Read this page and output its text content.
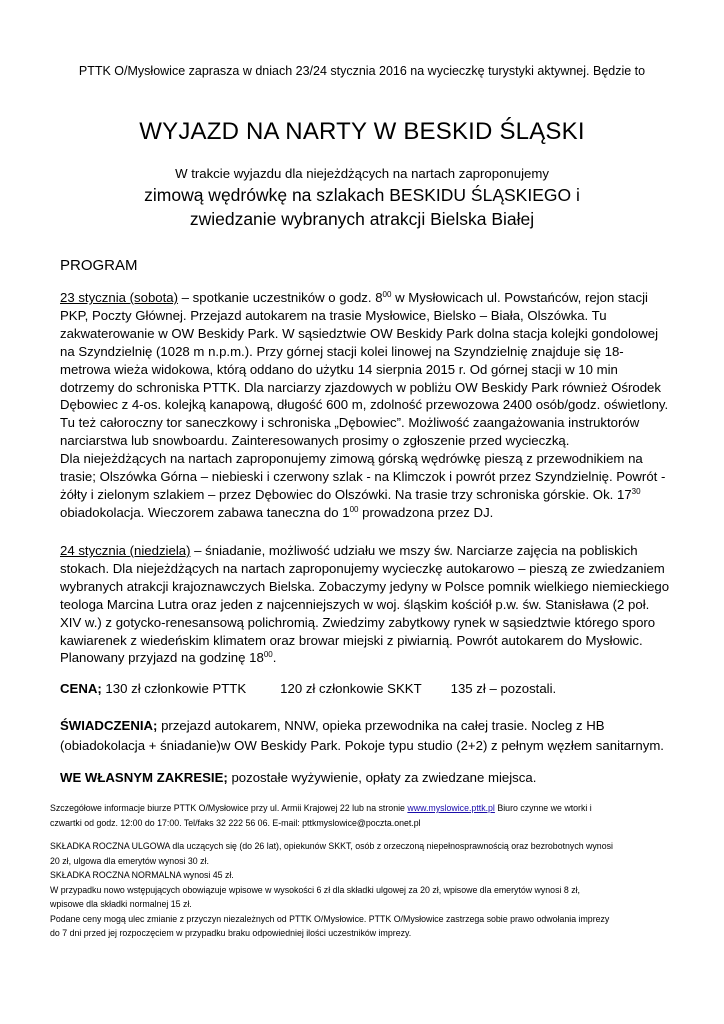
PTTK O/Mysłowice zaprasza w dniach 23/24 stycznia 2016 na wycieczkę turystyki aktywnej. Będzie to
WYJAZD NA NARTY W BESKID ŚLĄSKI
W trakcie wyjazdu dla niejeżdżących na nartach zaproponujemy
zimową wędrówkę na szlakach BESKIDU ŚLĄSKIEGO i
zwiedzanie wybranych atrakcji Bielska Białej
PROGRAM
23 stycznia (sobota) – spotkanie uczestników o godz. $8^{00}$ w Mysłowicach ul. Powstańców, rejon stacji
PKP, Poczty Głównej. Przejazd autokarem na trasie Mysłowice, Bielsko – Biała, Olszówka. Tu
zakwaterowanie w OW Beskidy Park. W sąsiedztwie OW Beskidy Park dolna stacja kolejki gondolowej
na Szyndzielnię (1028 m n.p.m.). Przy górnej stacji kolei linowej na Szyndzielnię znajduje się 18-
metrowa wieża widokowa, którą oddano do użytku 14 sierpnia 2015 r. Od górnej stacji w 10 min
dotrzemy do schroniska PTTK. Dla narciarzy zjazdowych w pobliżu OW Beskidy Park również Ośrodek
Dębowiec z 4-os. kolejką kanapową, długość 600 m, zdolność przewozowa 2400 osób/godz. oświetlony.
Tu też całoroczny tor saneczkowy i schroniska „Dębowiec”. Możliwość zaangażowania instruktorów
narciarstwa lub snowboardu. Zainteresowanych prosimy o zgłoszenie przed wycieczką.
Dla niejeżdżących na nartach zaproponujemy zimową górską wędrówkę pieszą z przewodnikiem na
trasie; Olszówka Górna – niebieski i czerwony szlak - na Klimczok i powrót przez Szyndzielnię. Powrót -
żółty i zielonym szlakiem – przez Dębowiec do Olszówki. Na trasie trzy schroniska górskie. Ok. $17^{30}$
obiadokolacja. Wieczorem zabawa taneczna do $1^{00}$ prowadzona przez DJ.
24 stycznia (niedziela) – śniadanie, możliwość udziału we mszy św. Narciarze zajęcia na pobliskich
stokach. Dla niejeżdżących na nartach zaproponujemy wycieczkę autokarowo – pieszą ze zwiedzaniem
wybranych atrakcji krajoznawczych Bielska. Zobaczymy jedyny w Polsce pomnik wielkiego niemieckiego
teologa Marcina Lutra oraz jeden z najcenniejszych w woj. śląskim kościół p.w. św. Stanisława (2 poł.
XIV w.) z gotycko-renesansową polichromią. Zwiedzimy zabytkowy rynek w sąsiedztwie którego sporo
kawiarenek z wiedeńskim klimatem oraz browar miejski z piwiarnią. Powrót autokarem do Mysłowic.
Planowany przyjazd na godzinę $18^{00}$.
CENA; 130 zł członkowie PTTK	120 zł członkowie SKKT 135 zł – pozostali.
ŚWIADCZENIA; przejazd autokarem, NNW, opieka przewodnika na całej trasie. Nocleg z HB
(obiadokolacja + śniadanie)w OW Beskidy Park. Pokoje typu studio (2+2) z pełnym węzłem sanitarnym.
WE WŁASNYM ZAKRESIE; pozostałe wyżywienie, opłaty za zwiedzane miejsca.
Szczegółowe informacje biurze PTTK O/Mysłowice przy ul. Armii Krajowej 22 lub na stronie www.myslowice.pttk.pl Biuro czynne we wtorki i
czwartki od godz. 12:00 do 17:00. Tel/faks 32 222 56 06. E-mail: pttkmyslowice@poczta.onet.pl
SKŁADKA ROCZNA ULGOWA dla uczących się (do 26 lat), opiekunów SKKT, osób z orzeczoną niepełnosprawnością oraz bezrobotnych wynosi
20 zł, ulgowa dla emerytów wynosi 30 zł.
SKŁADKA ROCZNA NORMALNA wynosi 45 zł.
W przypadku nowo wstępujących obowiązuje wpisowe w wysokości 6 zł dla składki ulgowej za 20 zł, wpisowe dla emerytów wynosi 8 zł,
wpisowe dla składki normalnej 15 zł.
Podane ceny mogą ulec zmianie z przyczyn niezależnych od PTTK O/Mysłowice. PTTK O/Mysłowice zastrzega sobie prawo odwołania imprezy
do 7 dni przed jej rozpoczęciem w przypadku braku odpowiedniej ilości uczestników imprezy.
